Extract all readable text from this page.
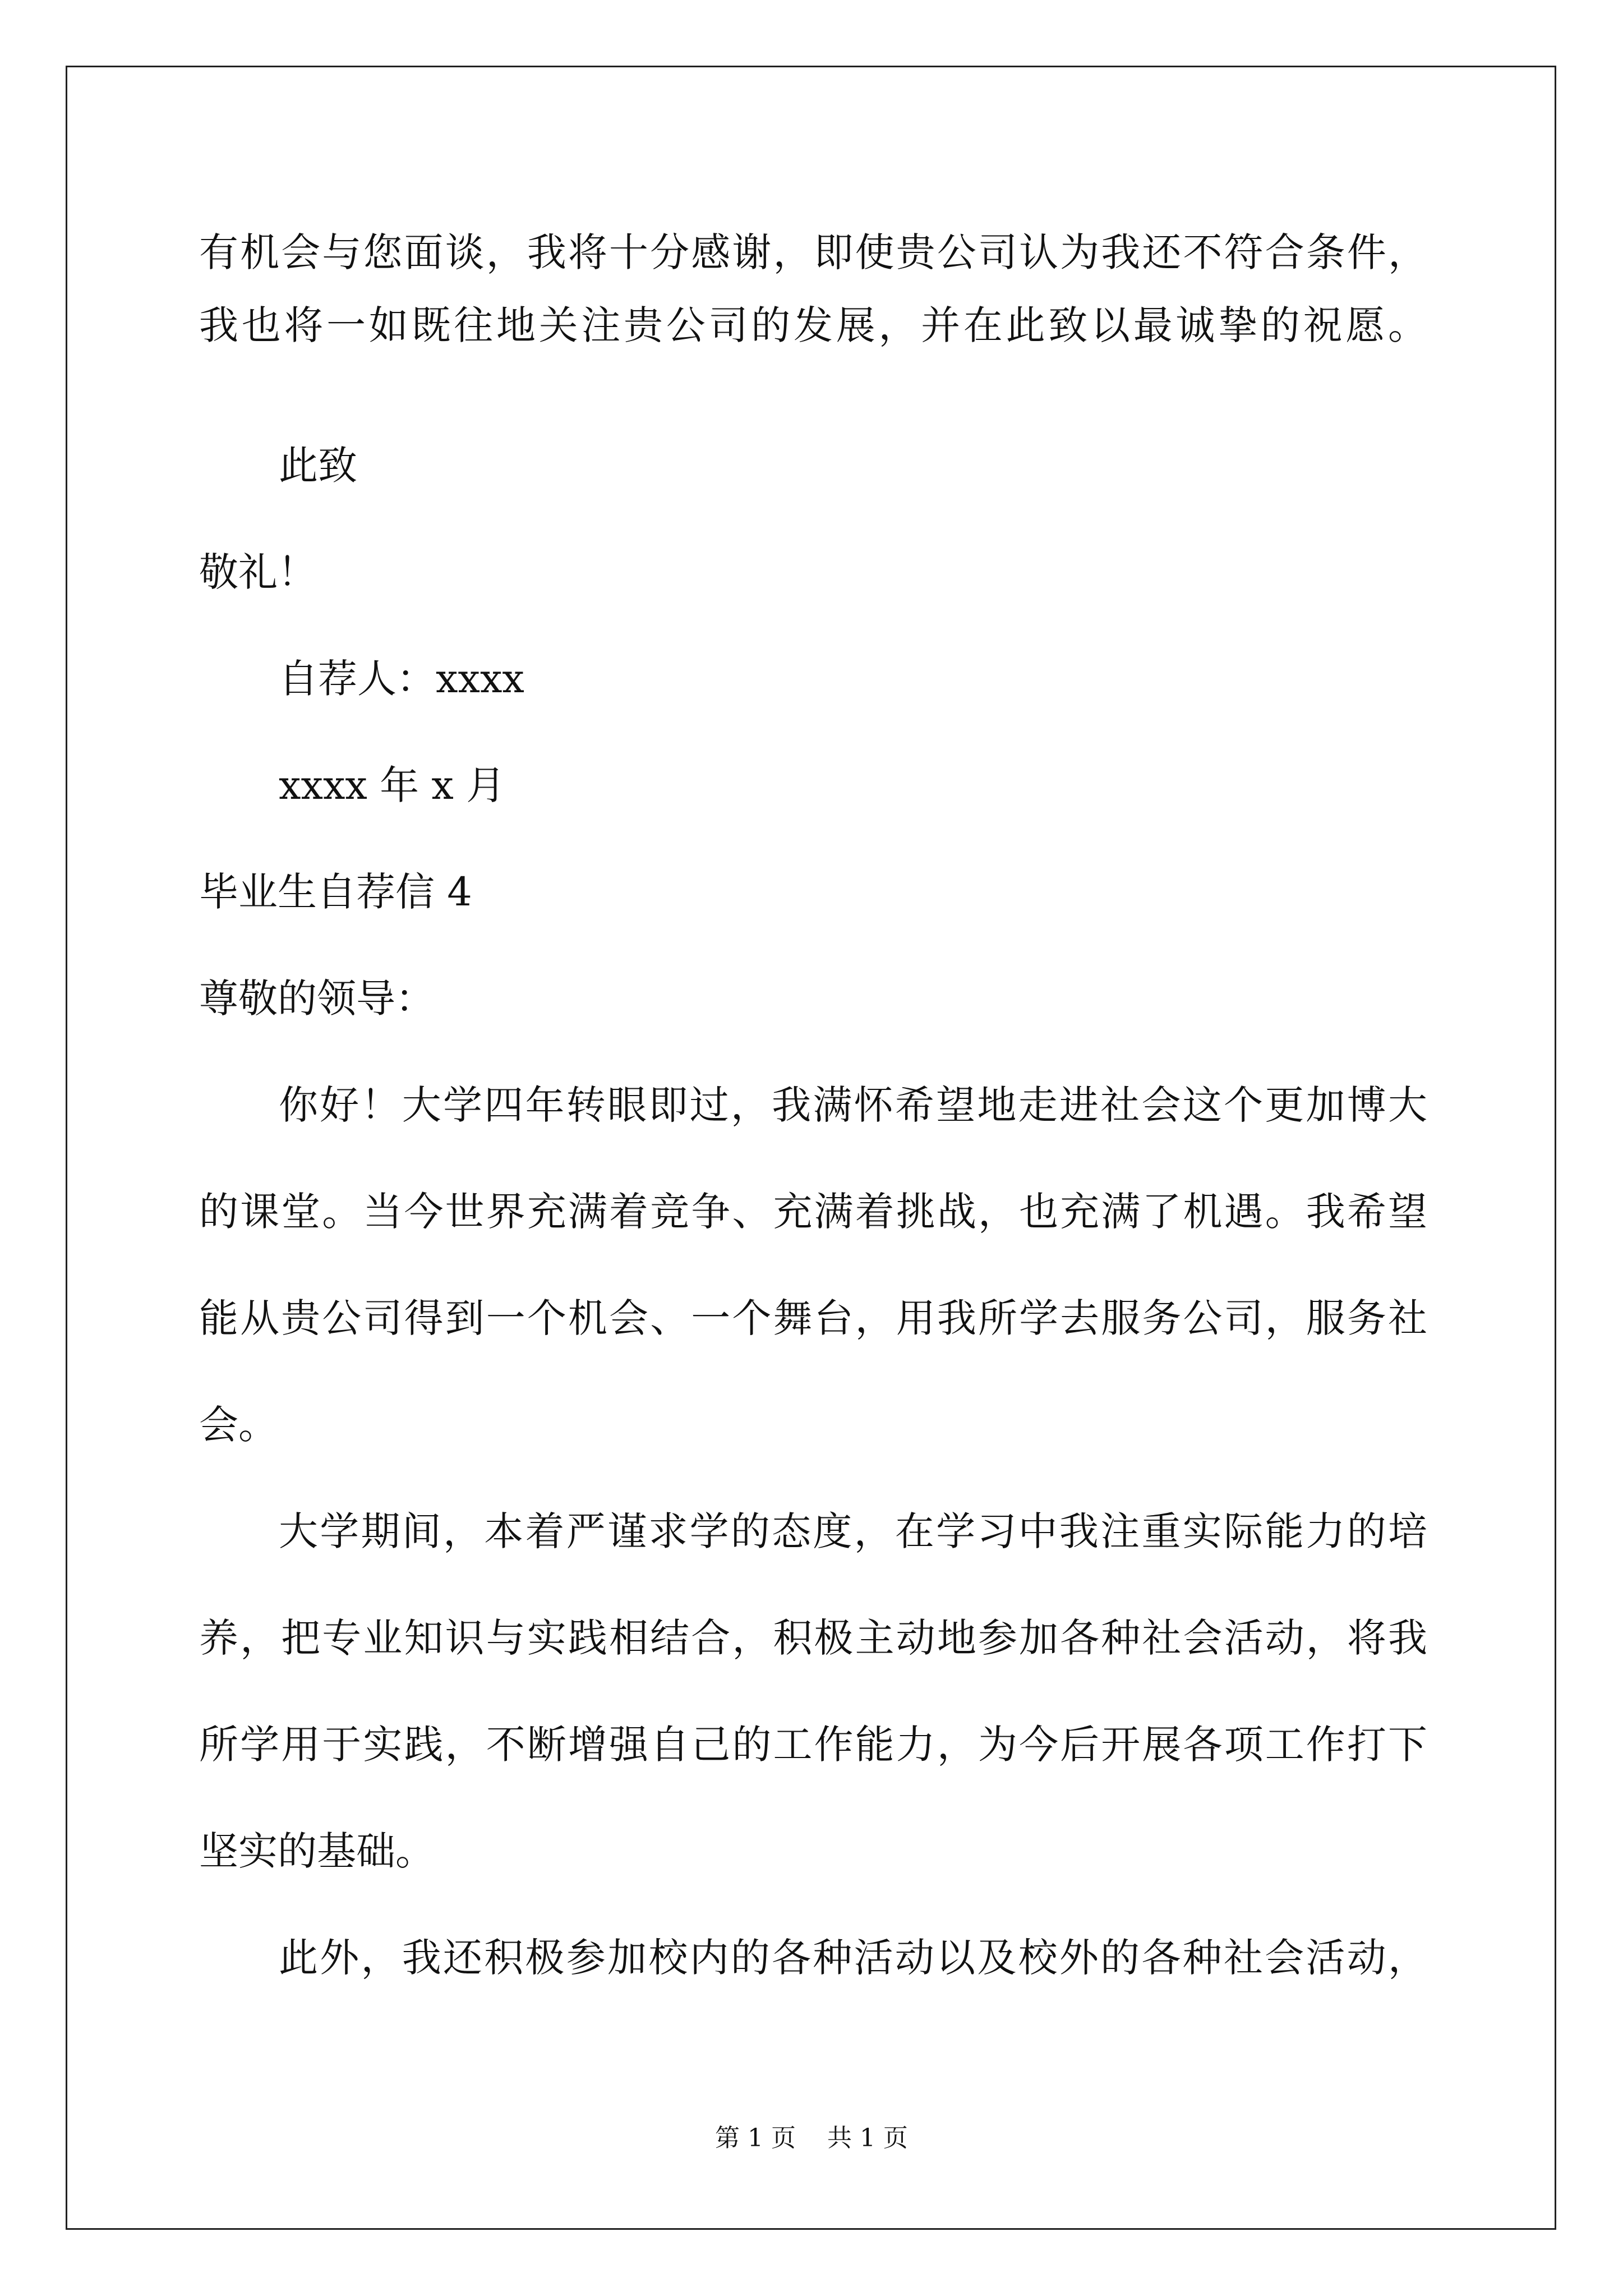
有机会与您面谈，我将十分感谢，即使贵公司认为我还不符合条件，

我也将一如既往地关注贵公司的发展，并在此致以最诚挚的祝愿。

此致

敬礼！

自荐人：xxxx

xxxx 年 x 月

毕业生自荐信 4

尊敬的领导：

你好！大学四年转眼即过，我满怀希望地走进社会这个更加博大

的课堂。当今世界充满着竞争、充满着挑战，也充满了机遇。我希望

能从贵公司得到一个机会、一个舞台，用我所学去服务公司，服务社

会。

大学期间，本着严谨求学的态度，在学习中我注重实际能力的培

养，把专业知识与实践相结合，积极主动地参加各种社会活动，将我

所学用于实践，不断增强自己的工作能力，为今后开展各项工作打下

坚实的基础。

此外，我还积极参加校内的各种活动以及校外的各种社会活动，

第 1 页    共 1 页
